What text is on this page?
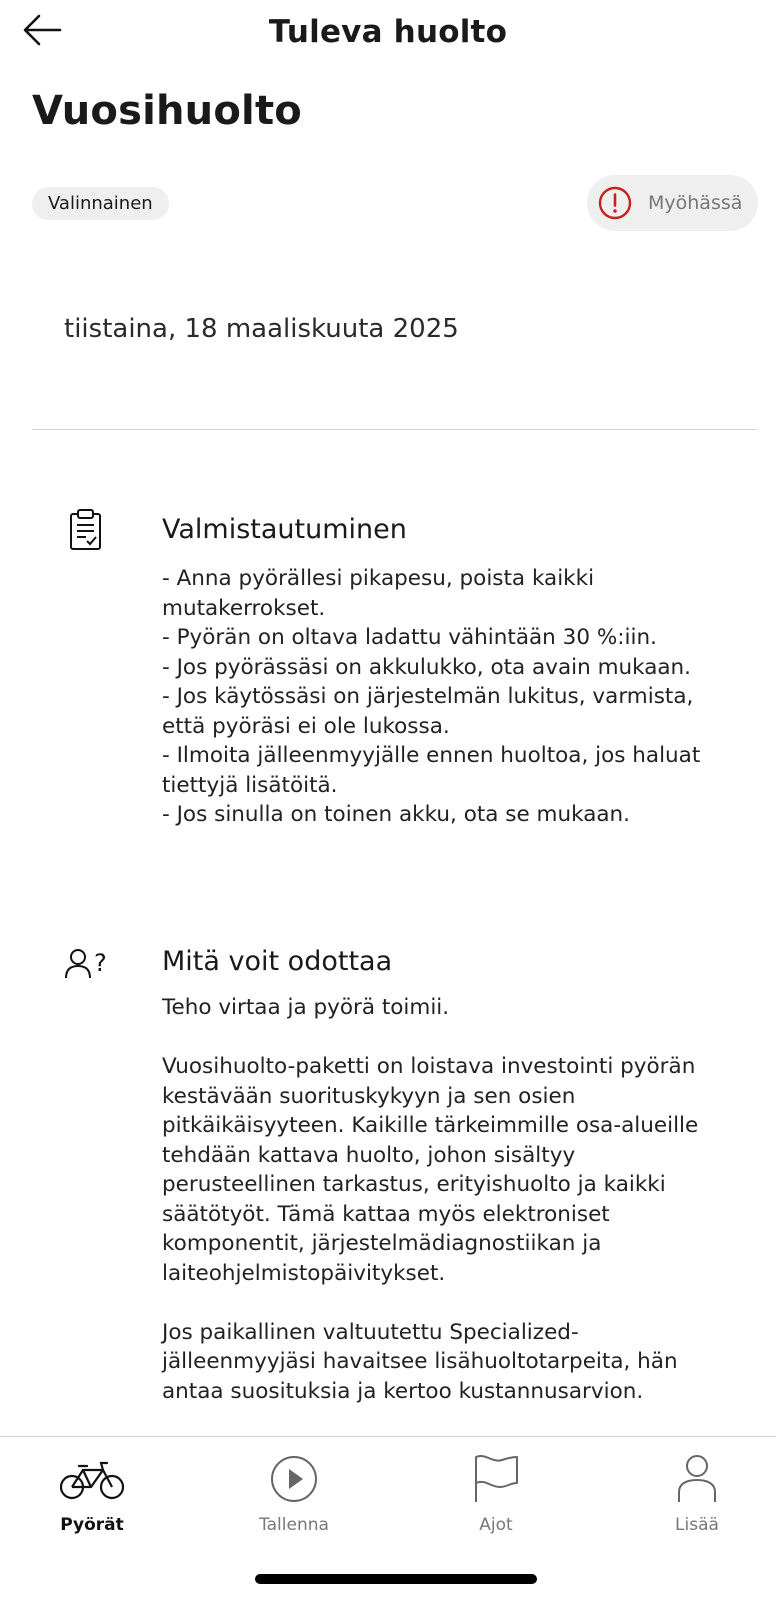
Tuleva huolto
Vuosihuolto
Valinnainen	Myöhässä
tiistaina, 18 maaliskuuta 2025
Valmistautuminen
- Anna pyörällesi pikapesu, poista kaikki
mutakerrokset.
- Pyörän on oltava ladattu vähintään 30 %:iin.
- Jos pyörässäsi on akkulukko, ota avain mukaan.
- Jos käytössäsi on järjestelmän lukitus, varmista,
että pyöräsi ei ole lukossa.
- Ilmoita jälleenmyyjälle ennen huoltoa, jos haluat
tiettyjä lisätöitä.
- Jos sinulla on toinen akku, ota se mukaan.
? Mitä voit odottaa
Teho virtaa ja pyörä toimii.

Vuosihuolto-paketti on loistava investointi pyörän
kestävään suorituskykyyn ja sen osien
pitkäikäisyyteen. Kaikille tärkeimmille osa-alueille
tehdään kattava huolto, johon sisältyy
perusteellinen tarkastus, erityishuolto ja kaikki
säätötyöt. Tämä kattaa myös elektroniset
komponentit, järjestelmädiagnostiikan ja
laiteohjelmistopäivitykset.

Jos paikallinen valtuutettu Specialized-
jälleenmyyjäsi havaitsee lisähuoltotarpeita, hän
antaa suosituksia ja kertoo kustannusarvion.
Pyörät	Tallenna	Ajot	Lisää
